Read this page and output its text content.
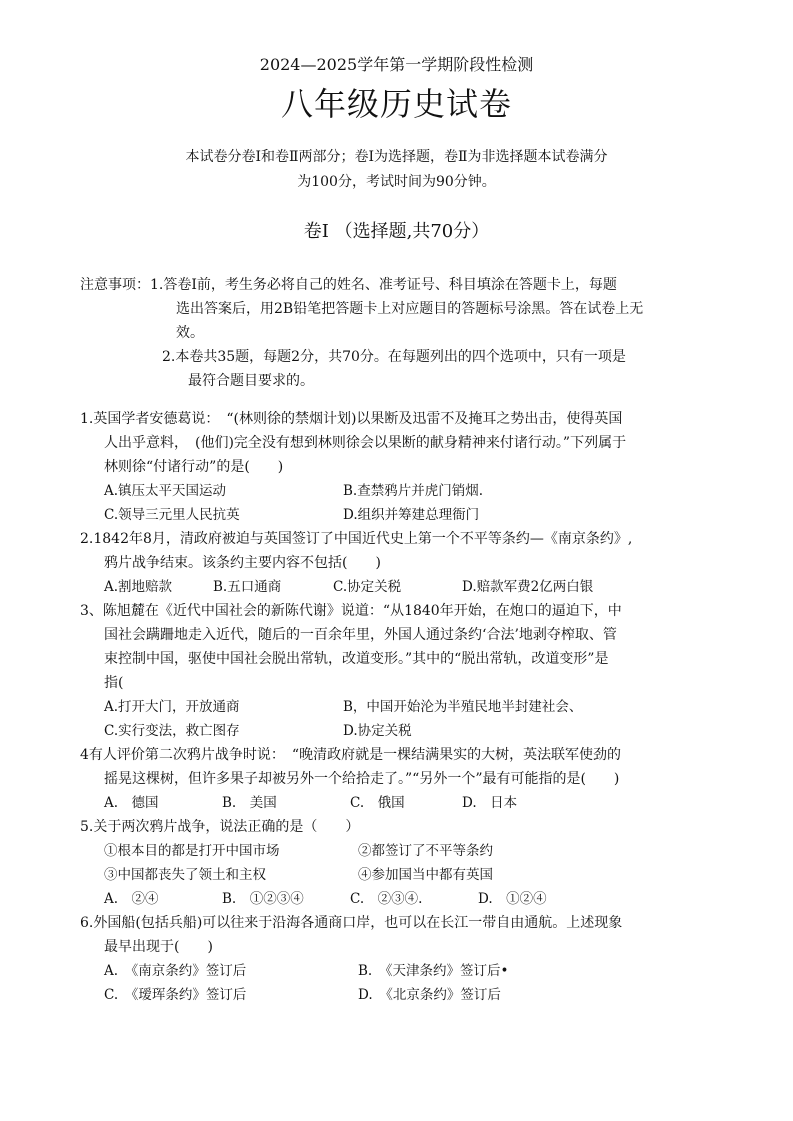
2024—2025学年第一学期阶段性检测
八年级历史试卷
本试卷分卷Ⅰ和卷Ⅱ两部分；卷Ⅰ为选择题，卷Ⅱ为非选择题本试卷满分
为100分，考试时间为90分钟。
卷Ⅰ （选择题,共70分）
注意事项：1.答卷Ⅰ前，考生务必将自己的姓名、准考证号、科目填涂在答题卡上，每题
选出答案后，用2B铅笔把答题卡上对应题目的答题标号涂黑。答在试卷上无
效。
2.本卷共35题，每题2分，共70分。在每题列出的四个选项中，只有一项是
最符合题目要求的。
1.英国学者安德葛说：　“(林则徐的禁烟计划)以果断及迅雷不及掩耳之势出击，使得英国
人出乎意料，　(他们)完全没有想到林则徐会以果断的献身精神来付诸行动。”下列属于
林则徐“付诸行动”的是(　　)
A.镇压太平天国运动	B.查禁鸦片并虎门销烟.
C.领导三元里人民抗英	D.组织并筹建总理衙门
2.1842年8月，清政府被迫与英国签订了中国近代史上第一个不平等条约—《南京条约》,
鸦片战争结束。该条约主要内容不包括(　　)
A.割地赔款	B.五口通商	C.协定关税	D.赔款军费2亿两白银
3、陈旭麓在《近代中国社会的新陈代谢》说道：“从1840年开始，在炮口的逼迫下，中
国社会蹒跚地走入近代，随后的一百余年里，外国人通过条约‘合法’地剥夺榨取、管
束控制中国，驱使中国社会脱出常轨，改道变形。”其中的“脱出常轨，改道变形”是
指(
A.打开大门，开放通商	B，中国开始沦为半殖民地半封建社会、
C.实行变法，救亡图存	D.协定关税
4有人评价第二次鸦片战争时说：　“晚清政府就是一棵结满果实的大树，英法联军使劲的
摇晃这棵树，但许多果子却被另外一个给拾走了。”“另外一个”最有可能指的是(　　)
A.　德国	B.　美国	C.　俄国	D.　日本
5.关于两次鸦片战争，说法正确的是（　　）
①根本目的都是打开中国市场	②都签订了不平等条约
③中国都丧失了领土和主权	④参加国当中都有英国
A.　②④	B.　①②③④	C.　②③④.	D.　①②④
6.外国船(包括兵船)可以往来于沿海各通商口岸，也可以在长江一带自由通航。上述现象
最早出现于(　　)
A.　《南京条约》签订后	B.　《天津条约》签订后•
C.　《瑷珲条约》签订后	D.　《北京条约》签订后
